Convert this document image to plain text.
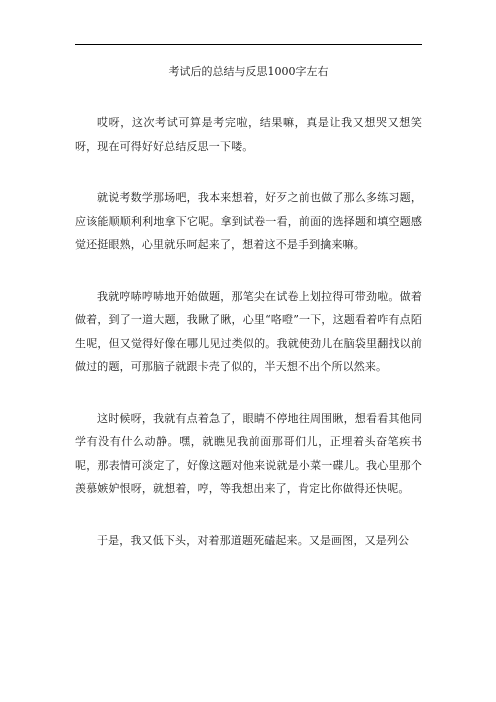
考试后的总结与反思1000字左右

哎呀，这次考试可算是考完啦，结果嘛，真是让我又想哭又想笑呀，现在可得好好总结反思一下喽。

就说考数学那场吧，我本来想着，好歹之前也做了那么多练习题，应该能顺顺利利地拿下它呢。拿到试卷一看，前面的选择题和填空题感觉还挺眼熟，心里就乐呵起来了，想着这不是手到擒来嘛。

我就哼哧哼哧地开始做题，那笔尖在试卷上划拉得可带劲啦。做着做着，到了一道大题，我瞅了瞅，心里“咯噔”一下，这题看着咋有点陌生呢，但又觉得好像在哪儿见过类似的。我就使劲儿在脑袋里翻找以前做过的题，可那脑子就跟卡壳了似的，半天想不出个所以然来。

这时候呀，我就有点着急了，眼睛不停地往周围瞅，想看看其他同学有没有什么动静。嘿，就瞧见我前面那哥们儿，正埋着头奋笔疾书呢，那表情可淡定了，好像这题对他来说就是小菜一碟儿。我心里那个羡慕嫉妒恨呀，就想着，哼，等我想出来了，肯定比你做得还快呢。

于是，我又低下头，对着那道题死磕起来。又是画图，又是列公
